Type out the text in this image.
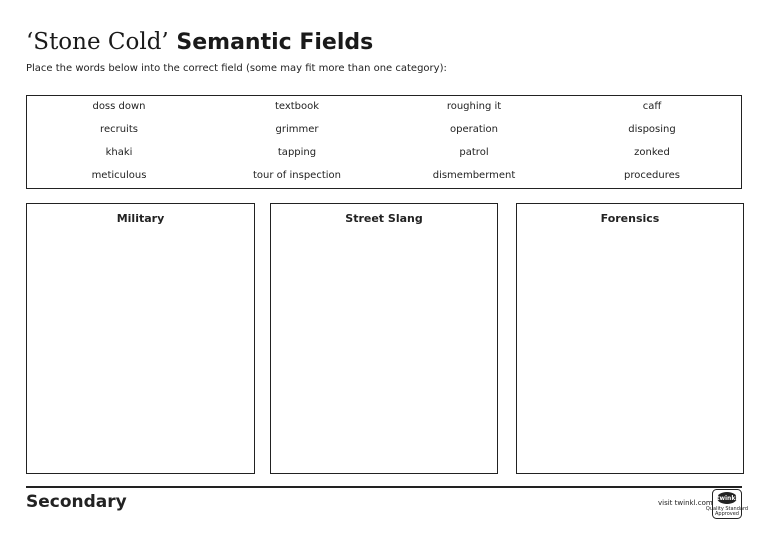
‘Stone Cold’ Semantic Fields
Place the words below into the correct field (some may fit more than one category):
doss down	textbook	roughing it	caff
recruits	grimmer	operation	disposing
khaki	tapping	patrol	zonked
meticulous	tour of inspection	dismemberment	procedures
Military	Street Slang	Forensics
Secondary	visit twinkl.com
twinkl
Quality Standard
Approved
